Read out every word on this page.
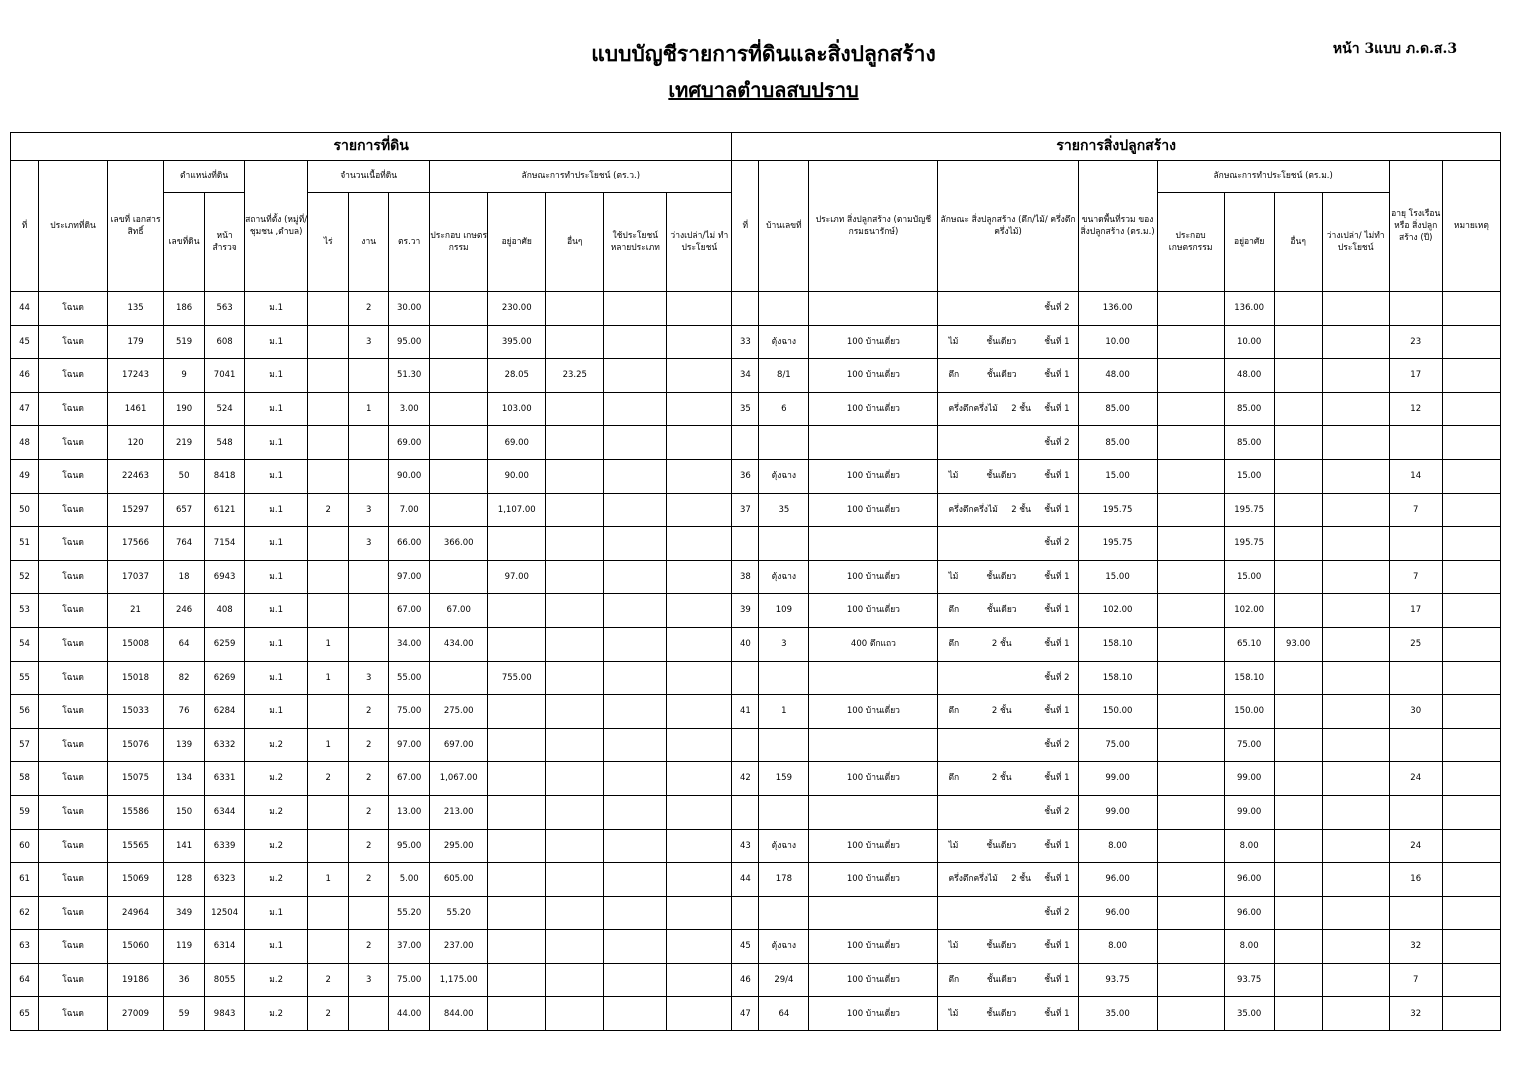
แบบบัญชีรายการที่ดินและสิ่งปลูกสร้าง
เทศบาลตำบลสบปราบ
หน้า 3แบบ ภ.ด.ส.3
รายการที่ดิน														รายการสิ่งปลูกสร้าง										
ที่	ประเภทที่ดิน	เลขที่ เอกสารสิทธิ์	ตำแหน่งที่ดิน		สถานที่ตั้ง (หมู่ที่/ชุมชน ,ตำบล)	จำนวนเนื้อที่ดิน			ลักษณะการทำประโยชน์ (ตร.ว.)					ที่	บ้านเลขที่	ประเภท สิ่งปลูกสร้าง (ตามบัญชีกรมธนารักษ์)	ลักษณะ สิ่งปลูกสร้าง (ตึก/ไม้/ ครึ่งตึกครึ่งไม้)	ขนาดพื้นที่รวม ของสิ่งปลูกสร้าง (ตร.ม.)	ลักษณะการทำประโยชน์ (ตร.ม.)				อายุ โรงเรือนหรือ สิ่งปลูก สร้าง (ปี)	หมายเหตุ
			เลขที่ดิน	หน้า สำรวจ		ไร่	งาน	ตร.วา	ประกอบ เกษตร กรรม	อยู่อาศัย	อื่นๆ	ใช้ประโยชน์ หลายประเภท	ว่างเปล่า/ไม่ ทำประโยชน์						ประกอบ เกษตรกรรม	อยู่อาศัย	อื่นๆ	ว่างเปล่า/ ไม่ทำประโยชน์		
44	โฉนด	135	186	563	ม.1		2	30.00		230.00							ชั้นที่ 2	136.00		136.00				
45	โฉนด	179	519	608	ม.1		3	95.00		395.00				33	ตุ้งฉาง	100 บ้านเดี่ยว	ไม้ ชั้นเดียว ชั้นที่ 1	10.00		10.00			23	
46	โฉนด	17243	9	7041	ม.1			51.30		28.05	23.25			34	8/1	100 บ้านเดี่ยว	ตึก ชั้นเดียว ชั้นที่ 1	48.00		48.00			17	
47	โฉนด	1461	190	524	ม.1		1	3.00		103.00				35	6	100 บ้านเดี่ยว	ครึ่งตึกครึ่งไม้ 2 ชั้น ชั้นที่ 1	85.00		85.00			12	
48	โฉนด	120	219	548	ม.1			69.00		69.00							ชั้นที่ 2	85.00		85.00				
49	โฉนด	22463	50	8418	ม.1			90.00		90.00				36	ตุ้งฉาง	100 บ้านเดี่ยว	ไม้ ชั้นเดียว ชั้นที่ 1	15.00		15.00			14	
50	โฉนด	15297	657	6121	ม.1	2	3	7.00		1,107.00				37	35	100 บ้านเดี่ยว	ครึ่งตึกครึ่งไม้ 2 ชั้น ชั้นที่ 1	195.75		195.75			7	
51	โฉนด	17566	764	7154	ม.1		3	66.00	366.00								ชั้นที่ 2	195.75		195.75				
52	โฉนด	17037	18	6943	ม.1			97.00		97.00				38	ตุ้งฉาง	100 บ้านเดี่ยว	ไม้ ชั้นเดียว ชั้นที่ 1	15.00		15.00			7	
53	โฉนด	21	246	408	ม.1			67.00	67.00					39	109	100 บ้านเดี่ยว	ตึก ชั้นเดียว ชั้นที่ 1	102.00		102.00			17	
54	โฉนด	15008	64	6259	ม.1	1		34.00	434.00					40	3	400 ตึกแถว	ตึก 2 ชั้น ชั้นที่ 1	158.10		65.10	93.00		25	
55	โฉนด	15018	82	6269	ม.1	1	3	55.00		755.00							ชั้นที่ 2	158.10		158.10				
56	โฉนด	15033	76	6284	ม.1		2	75.00	275.00					41	1	100 บ้านเดี่ยว	ตึก 2 ชั้น ชั้นที่ 1	150.00		150.00			30	
57	โฉนด	15076	139	6332	ม.2	1	2	97.00	697.00								ชั้นที่ 2	75.00		75.00				
58	โฉนด	15075	134	6331	ม.2	2	2	67.00	1,067.00					42	159	100 บ้านเดี่ยว	ตึก 2 ชั้น ชั้นที่ 1	99.00		99.00			24	
59	โฉนด	15586	150	6344	ม.2		2	13.00	213.00								ชั้นที่ 2	99.00		99.00				
60	โฉนด	15565	141	6339	ม.2		2	95.00	295.00					43	ตุ้งฉาง	100 บ้านเดี่ยว	ไม้ ชั้นเดียว ชั้นที่ 1	8.00		8.00			24	
61	โฉนด	15069	128	6323	ม.2	1	2	5.00	605.00					44	178	100 บ้านเดี่ยว	ครึ่งตึกครึ่งไม้ 2 ชั้น ชั้นที่ 1	96.00		96.00			16	
62	โฉนด	24964	349	12504	ม.1			55.20	55.20								ชั้นที่ 2	96.00		96.00				
63	โฉนด	15060	119	6314	ม.1		2	37.00	237.00					45	ตุ้งฉาง	100 บ้านเดี่ยว	ไม้ ชั้นเดียว ชั้นที่ 1	8.00		8.00			32	
64	โฉนด	19186	36	8055	ม.2	2	3	75.00	1,175.00					46	29/4	100 บ้านเดี่ยว	ตึก ชั้นเดียว ชั้นที่ 1	93.75		93.75			7	
65	โฉนด	27009	59	9843	ม.2	2		44.00	844.00					47	64	100 บ้านเดี่ยว	ไม้ ชั้นเดียว ชั้นที่ 1	35.00		35.00			32	
